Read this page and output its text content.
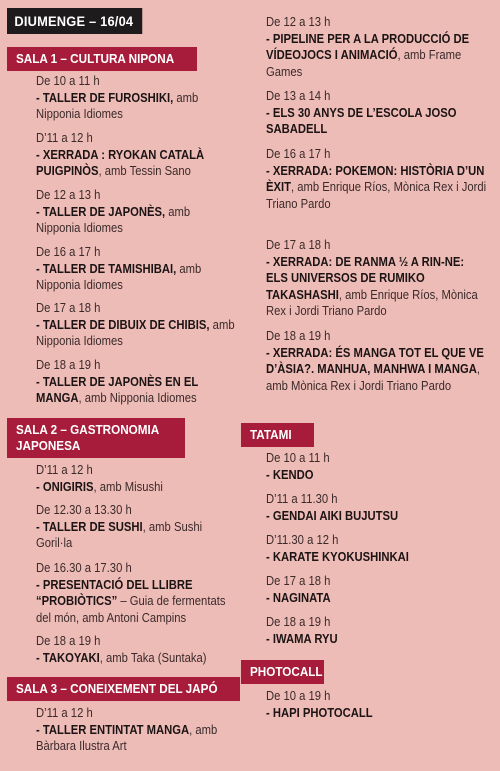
DIUMENGE – 16/04
SALA 1 – CULTURA NIPONA
De 10 a 11 h
- TALLER DE FUROSHIKI, amb Nipponia Idiomes
D’11 a 12 h
- XERRADA : RYOKAN CATALÀ PUIGPINÒS, amb Tessin Sano
De 12 a 13 h
- TALLER DE JAPONÈS, amb Nipponia Idiomes
De 16 a 17 h
- TALLER DE TAMISHIBAI, amb Nipponia Idiomes
De 17 a 18 h
- TALLER DE DIBUIX DE CHIBIS, amb Nipponia Idiomes
De 18 a 19 h
- TALLER DE JAPONÈS EN EL MANGA, amb Nipponia Idiomes
SALA 2 – GASTRONOMIA
JAPONESA
D’11 a 12 h
- ONIGIRIS, amb Misushi
De 12.30 a 13.30 h
- TALLER DE SUSHI, amb Sushi Goril·la
De 16.30 a 17.30 h
- PRESENTACIÓ DEL LLIBRE “PROBIÒTICS” – Guia de fermentats del món, amb Antoni Campins
De 18 a 19 h
- TAKOYAKI, amb Taka (Suntaka)
SALA 3 – CONEIXEMENT DEL JAPÓ
D’11 a 12 h
- TALLER ENTINTAT MANGA, amb Bàrbara Ilustra Art
De 12 a 13 h
- PIPELINE PER A LA PRODUCCIÓ DE VÍDEOJOCS I ANIMACIÓ, amb Frame Games
De 13 a 14 h
- ELS 30 ANYS DE L’ESCOLA JOSO SABADELL
De 16 a 17 h
- XERRADA: POKEMON: HISTÒRIA D’UN ÈXIT, amb Enrique Ríos, Mònica Rex i Jordi Triano Pardo
De 17 a 18 h
- XERRADA: DE RANMA ½ A RIN-NE: ELS UNIVERSOS DE RUMIKO TAKASHASHI, amb Enrique Ríos, Mònica Rex i Jordi Triano Pardo
De 18 a 19 h
- XERRADA: ÉS MANGA TOT EL QUE VE D’ÀSIA?. MANHUA, MANHWA I MANGA, amb Mònica Rex i Jordi Triano Pardo
TATAMI
De 10 a 11 h
- KENDO
D’11 a 11.30 h
- GENDAI AIKI BUJUTSU
D’11.30 a 12 h
- KARATE KYOKUSHINKAI
De 17 a 18 h
- NAGINATA
De 18 a 19 h
- IWAMA RYU
PHOTOCALL
De 10 a 19 h
- HAPI PHOTOCALL
